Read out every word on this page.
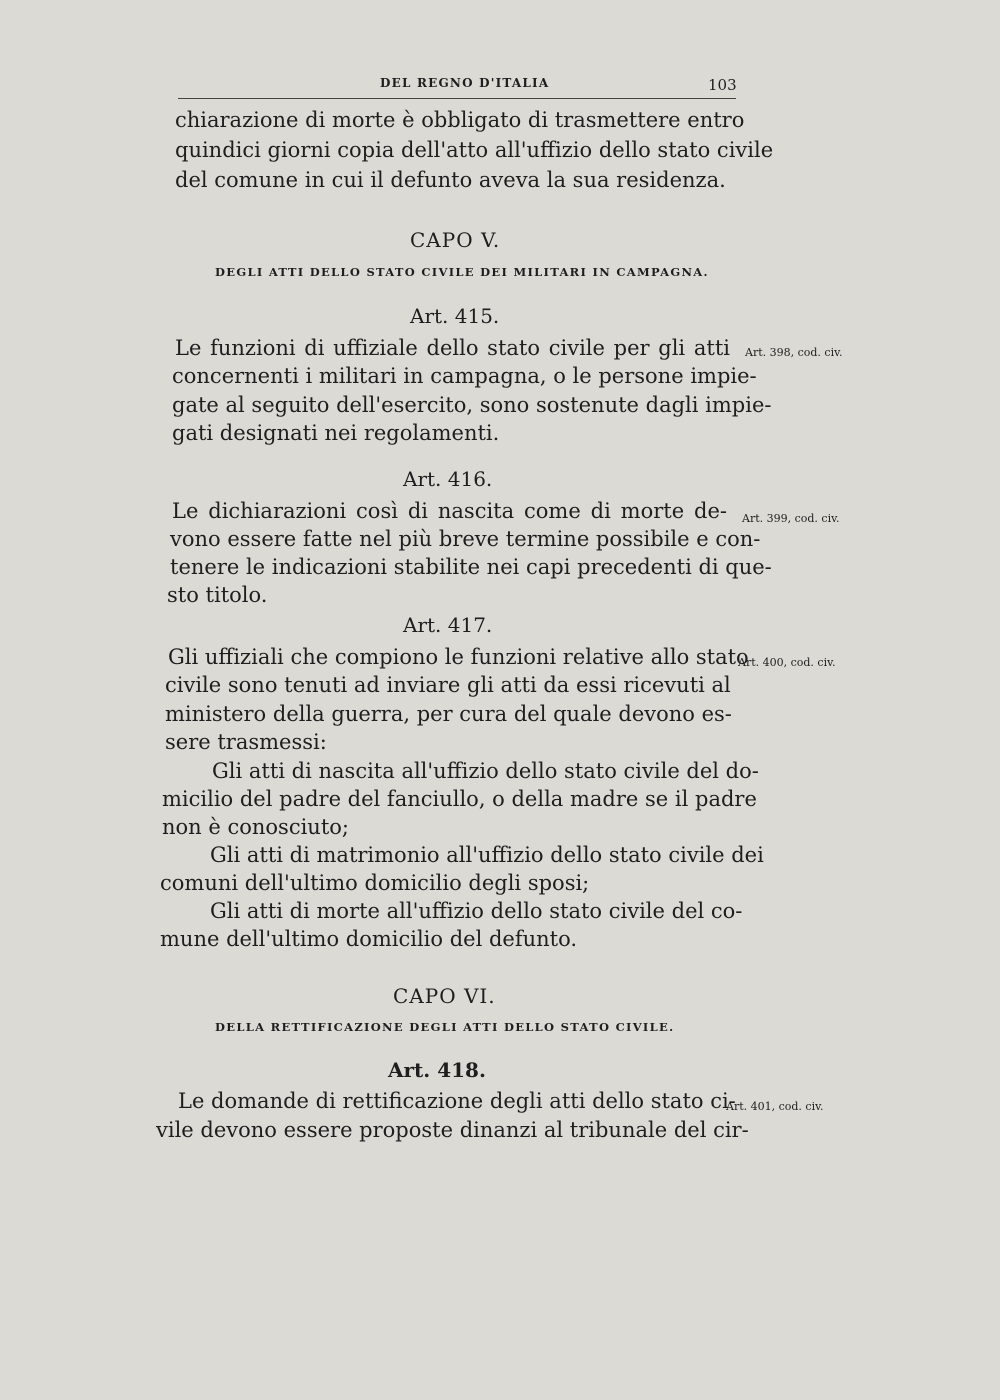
DEL REGNO D'ITALIA	103
chiarazione di morte è obbligato di trasmettere entro
quindici giorni copia dell'atto all'uffizio dello stato civile
del comune in cui il defunto aveva la sua residenza.
CAPO V.
DEGLI ATTI DELLO STATO CIVILE DEI MILITARI IN CAMPAGNA.
Art. 415.
Le funzioni di uffiziale dello stato civile per gli atti Art. 398, cod. civ.
concernenti i militari in campagna, o le persone impie-
gate al seguito dell'esercito, sono sostenute dagli impie-
gati designati nei regolamenti.
Art. 416.
Le dichiarazioni così di nascita come di morte de- Art. 399, cod. civ.
vono essere fatte nel più breve termine possibile e con-
tenere le indicazioni stabilite nei capi precedenti di que-
sto titolo.
Art. 417.
Gli uffiziali che compiono le funzioni relative allo stato
Art. 400, cod. civ.
civile sono tenuti ad inviare gli atti da essi ricevuti al
ministero della guerra, per cura del quale devono es-
sere trasmessi:
Gli atti di nascita all'uffizio dello stato civile del do-
micilio del padre del fanciullo, o della madre se il padre
non è conosciuto;
Gli atti di matrimonio all'uffizio dello stato civile dei
comuni dell'ultimo domicilio degli sposi;
Gli atti di morte all'uffizio dello stato civile del co-
mune dell'ultimo domicilio del defunto.
CAPO VI.
DELLA RETTIFICAZIONE DEGLI ATTI DELLO STATO CIVILE.
Art. 418.
Le domande di rettificazione degli atti dello stato ci-
Art. 401, cod. civ.
vile devono essere proposte dinanzi al tribunale del cir-
